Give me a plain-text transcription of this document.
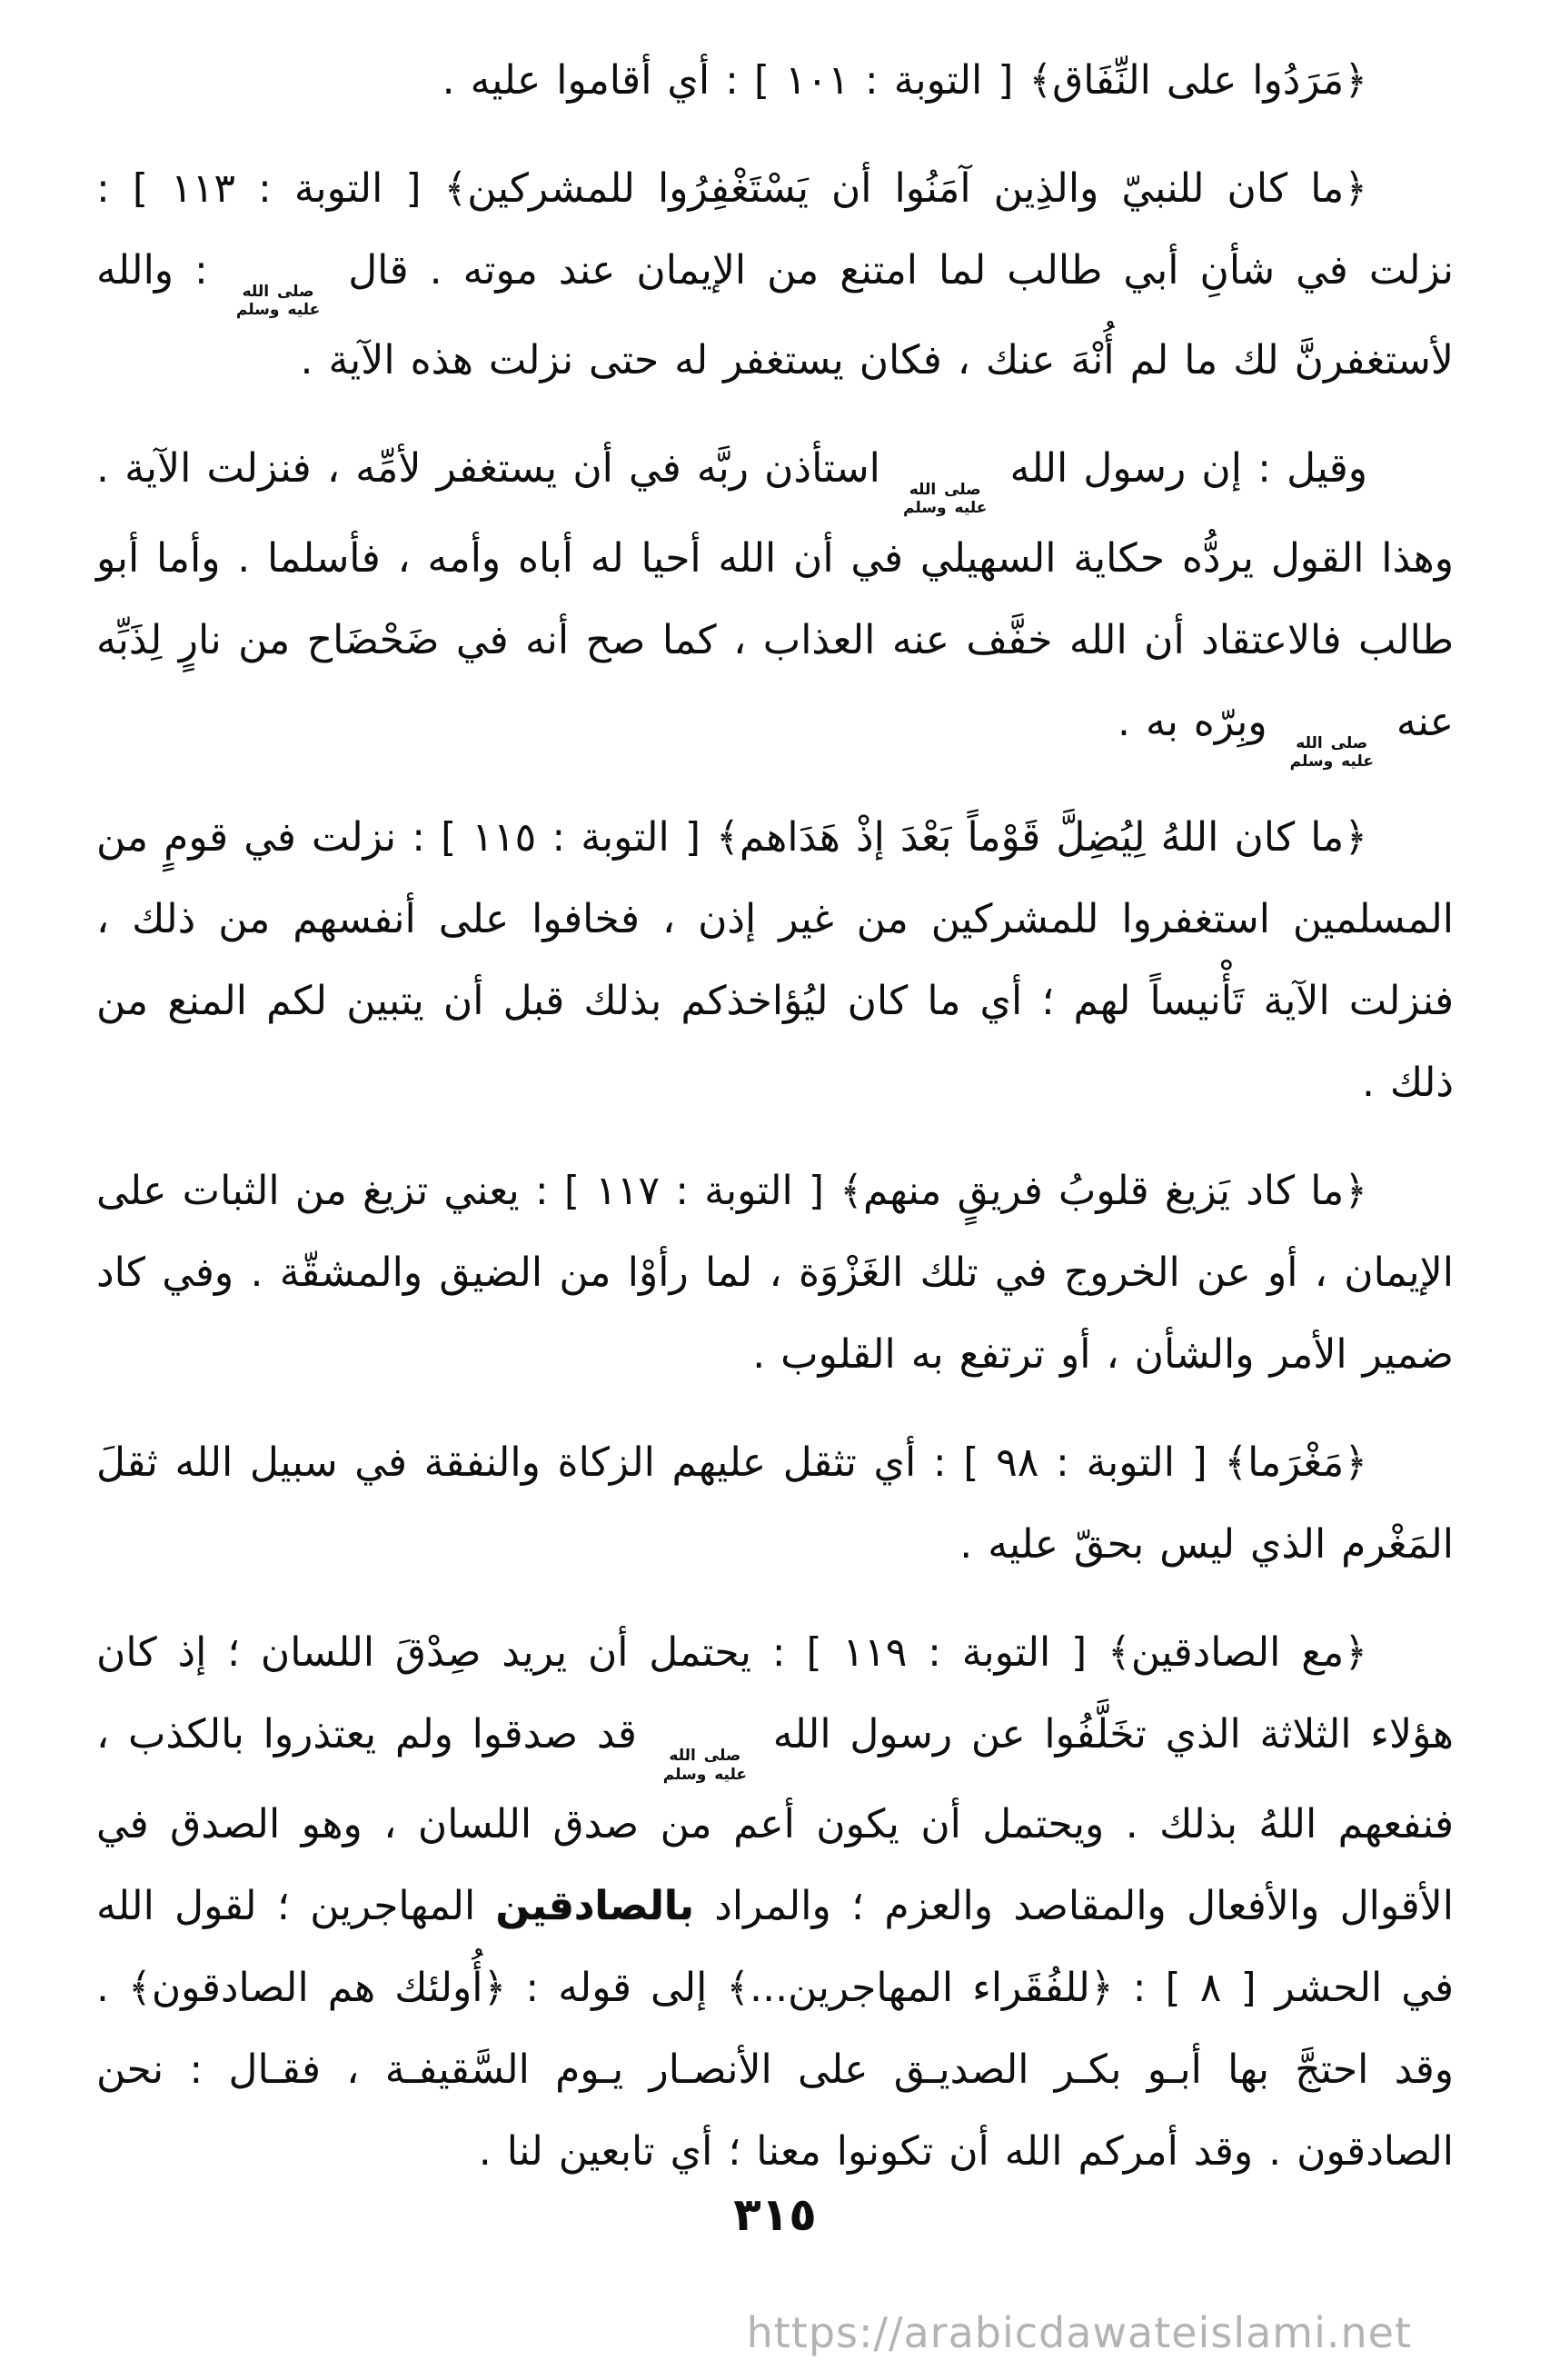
﴿مَرَدُوا على النِّفَاق﴾ [ التوبة : ١٠١ ] : أي أقاموا عليه .

﴿ما كان للنبيّ والذِين آمَنُوا أن يَسْتَغْفِرُوا للمشركين﴾ [ التوبة : ١١٣ ] : نزلت في شأنِ أبي طالب لما امتنع من الإيمان عند موته . قال
صلى الله
عليه وسلم
: والله لأستغفرنَّ لك ما لم أُنْهَ عنك ، فكان يستغفر له حتى نزلت هذه الآية .

وقيل : إن رسول الله
صلى الله
عليه وسلم
استأذن ربَّه في أن يستغفر لأمِّه ، فنزلت الآية . وهذا القول يردُّه حكاية السهيلي في أن الله أحيا له أباه وأمه ، فأسلما . وأما أبو طالب فالاعتقاد أن الله خفَّف عنه العذاب ، كما صح أنه في ضَحْضَاح من نارٍ لِذَبِّه عنه
صلى الله
عليه وسلم
وبِرّه به .

﴿ما كان اللهُ لِيُضِلَّ قَوْماً بَعْدَ إذْ هَدَاهم﴾ [ التوبة : ١١٥ ] : نزلت في قومٍ من المسلمين استغفروا للمشركين من غير إذن ، فخافوا على أنفسهم من ذلك ، فنزلت الآية تَأْنيساً لهم ؛ أي ما كان ليُؤاخذكم بذلك قبل أن يتبين لكم المنع من ذلك .

﴿ما كاد يَزيغ قلوبُ فريقٍ منهم﴾ [ التوبة : ١١٧ ] : يعني تزيغ من الثبات على الإيمان ، أو عن الخروج في تلك الغَزْوَة ، لما رأوْا من الضيق والمشقّة . وفي كاد ضمير الأمر والشأن ، أو ترتفع به القلوب .

﴿مَغْرَما﴾ [ التوبة : ٩٨ ] : أي تثقل عليهم الزكاة والنفقة في سبيل الله ثقلَ المَغْرم الذي ليس بحقّ عليه .

﴿مع الصادقين﴾ [ التوبة : ١١٩ ] : يحتمل أن يريد صِدْقَ اللسان ؛ إذ كان هؤلاء الثلاثة الذي تخَلَّفُوا عن رسول الله
صلى الله
عليه وسلم
قد صدقوا ولم يعتذروا بالكذب ، فنفعهم اللهُ بذلك . ويحتمل أن يكون أعم من صدق اللسان ، وهو الصدق في الأقوال والأفعال والمقاصد والعزم ؛ والمراد بالصادقين المهاجرين ؛ لقول الله في الحشر [ ٨ ] : ﴿للفُقَراء المهاجرين...﴾ إلى قوله : ﴿أُولئك هم الصادقون﴾ . وقد احتجَّ بها أبـو بكـر الصديـق على الأنصـار يـوم السَّقيفـة ، فقـال : نحن الصادقون . وقد أمركم الله أن تكونوا معنا ؛ أي تابعين لنا .

٣١٥
https://arabicdawateislami.net
